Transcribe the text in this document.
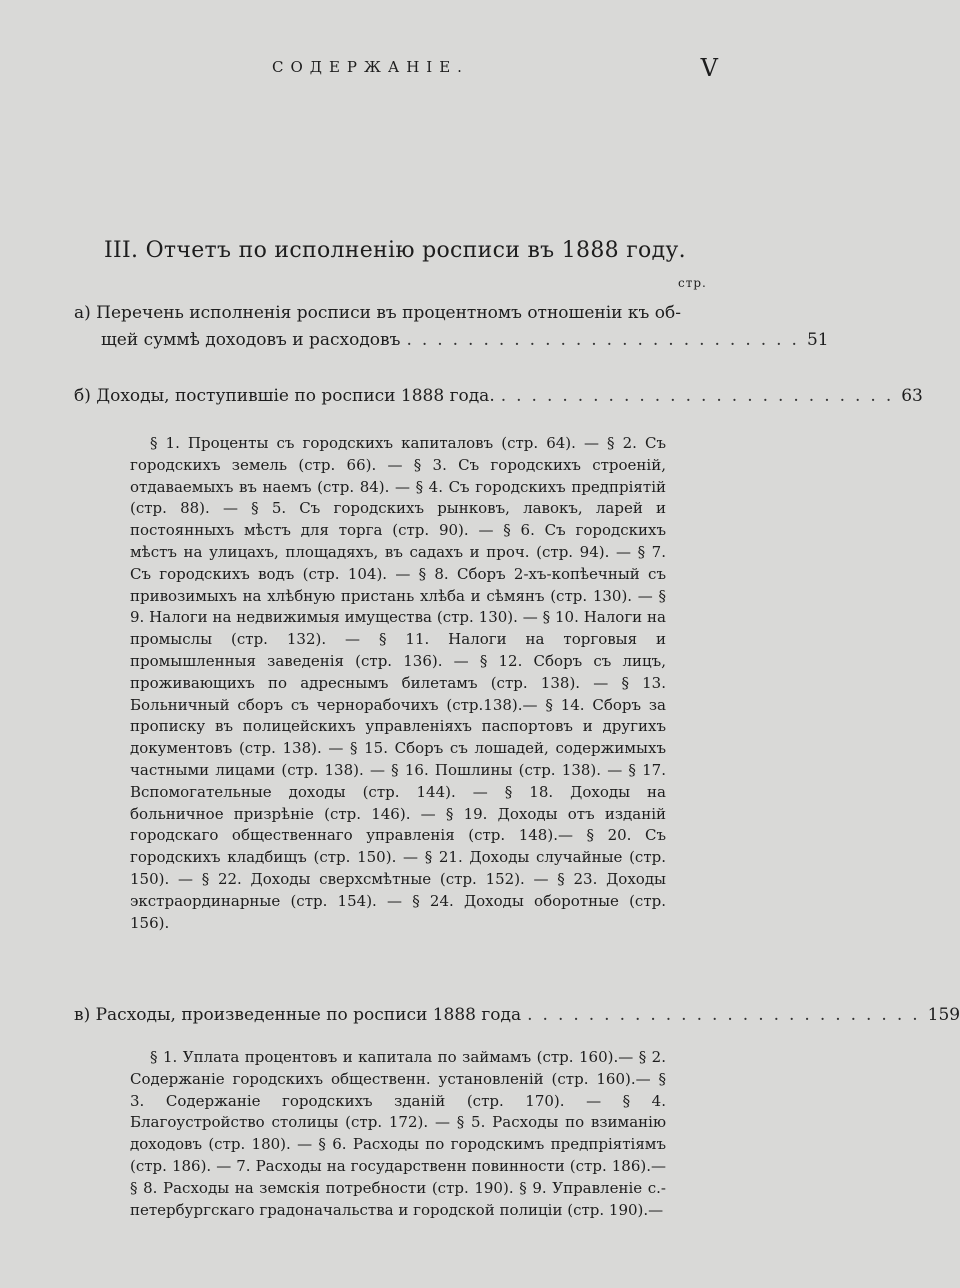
СОДЕРЖАНІЕ.	V
III. Отчетъ по исполненію росписи въ 1888 году.
стр.
а) Перечень исполненія росписи въ процентномъ отношеніи къ об-
щей суммѣ доходовъ и расходовъ .......................... 51
б) Доходы, поступившіе по росписи 1888 года. .......................... 63
§ 1. Проценты съ городскихъ капиталовъ (стр. 64). — § 2. Съ городскихъ земель (стр. 66). — § 3. Съ городскихъ строеній, отдаваемыхъ въ наемъ (стр. 84). — § 4. Съ городскихъ предпріятій (стр. 88). — § 5. Съ городскихъ рынковъ, лавокъ, ларей и постоянныхъ мѣстъ для торга (стр. 90). — § 6. Съ городскихъ мѣстъ на улицахъ, площадяхъ, въ садахъ и проч. (стр. 94). — § 7. Съ городскихъ водъ (стр. 104). — § 8. Сборъ 2-хъ-копѣечный съ привозимыхъ на хлѣбную пристань хлѣба и сѣмянъ (стр. 130). — § 9. Налоги на недвижимыя имущества (стр. 130). — § 10. Налоги на промыслы (стр. 132). — § 11. Налоги на торговыя и промышленныя заведенія (стр. 136). — § 12. Сборъ съ лицъ, проживающихъ по адреснымъ билетамъ (стр. 138). — § 13. Больничный сборъ съ чернорабочихъ (стр.138).— § 14. Сборъ за прописку въ полицейскихъ управленіяхъ паспортовъ и другихъ документовъ (стр. 138). — § 15. Сборъ съ лошадей, содержимыхъ частными лицами (стр. 138). — § 16. Пошлины (стр. 138). — § 17. Вспомогательные доходы (стр. 144). — § 18. Доходы на больничное призрѣніе (стр. 146). — § 19. Доходы отъ изданій городскаго общественнаго управленія (стр. 148).— § 20. Съ городскихъ кладбищъ (стр. 150). — § 21. Доходы случайные (стр. 150). — § 22. Доходы сверхсмѣтные (стр. 152). — § 23. Доходы экстраординарные (стр. 154). — § 24. Доходы оборотные (стр. 156).
в) Расходы, произведенные по росписи 1888 года .......................... 159
§ 1. Уплата процентовъ и капитала по займамъ (стр. 160).— § 2. Содержаніе городскихъ общественн. установленій (стр. 160).— § 3. Содержаніе городскихъ зданій (стр. 170). — § 4. Благоустройство столицы (стр. 172). — § 5. Расходы по взиманію доходовъ (стр. 180). — § 6. Расходы по городскимъ предпріятіямъ (стр. 186). — 7. Расходы на государственн повинности (стр. 186).— § 8. Расходы на земскія потребности (стр. 190). § 9. Управленіе с.-петербургскаго градоначальства и городской полиціи (стр. 190).—
